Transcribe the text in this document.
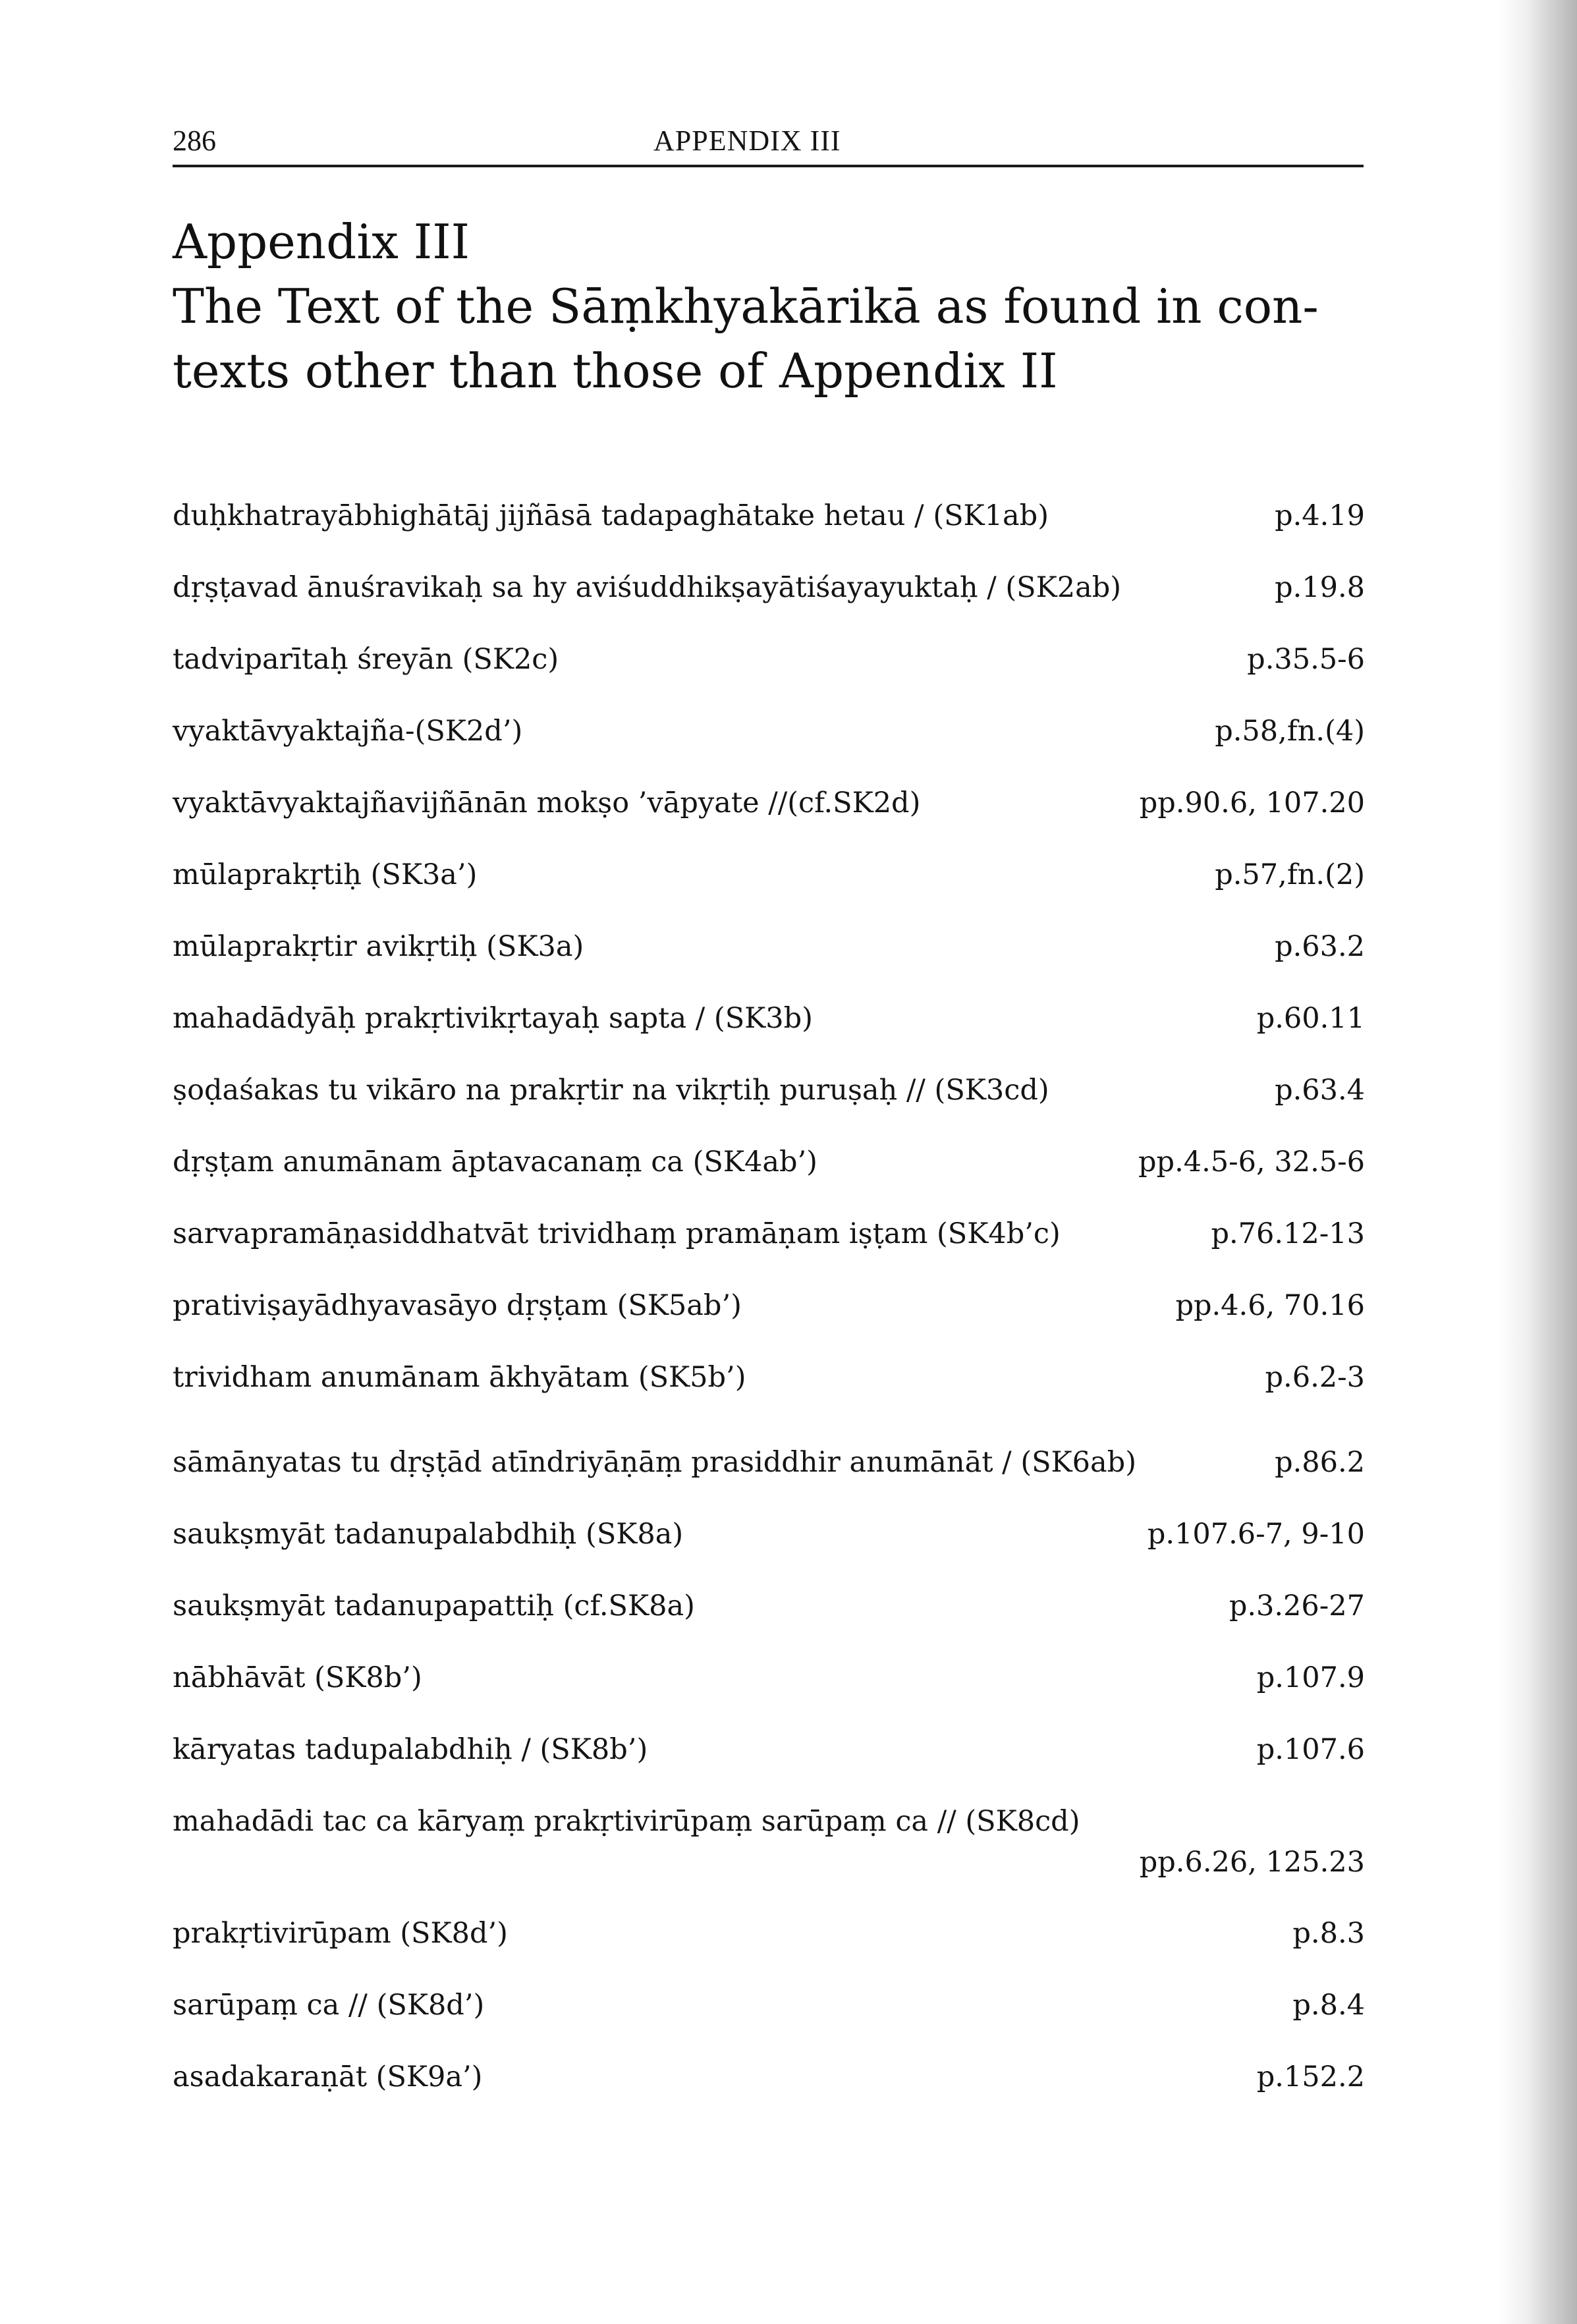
286	APPENDIX III
Appendix III
The Text of the Sāṃkhyakārikā as found in con-
texts other than those of Appendix II
duḥkhatrayābhighātāj jijñāsā tadapaghātake hetau / (SK1ab)	p.4.19
dṛṣṭavad ānuśravikaḥ sa hy aviśuddhikṣayātiśayayuktaḥ / (SK2ab)	p.19.8
tadviparītaḥ śreyān (SK2c)	p.35.5-6
vyaktāvyaktajña-(SK2d’)	p.58,fn.(4)
vyaktāvyaktajñavijñānān mokṣo ’vāpyate //(cf.SK2d)	pp.90.6, 107.20
mūlaprakṛtiḥ (SK3a’)	p.57,fn.(2)
mūlaprakṛtir avikṛtiḥ (SK3a)	p.63.2
mahadādyāḥ prakṛtivikṛtayaḥ sapta / (SK3b)	p.60.11
ṣoḍaśakas tu vikāro na prakṛtir na vikṛtiḥ puruṣaḥ // (SK3cd)	p.63.4
dṛṣṭam anumānam āptavacanaṃ ca (SK4ab’)	pp.4.5-6, 32.5-6
sarvapramāṇasiddhatvāt trividhaṃ pramāṇam iṣṭam (SK4b’c)	p.76.12-13
prativiṣayādhyavasāyo dṛṣṭam (SK5ab’)	pp.4.6, 70.16
trividham anumānam ākhyātam (SK5b’)	p.6.2-3
sāmānyatas tu dṛṣṭād atīndriyāṇāṃ prasiddhir anumānāt / (SK6ab)	p.86.2
saukṣmyāt tadanupalabdhiḥ (SK8a)	p.107.6-7, 9-10
saukṣmyāt tadanupapattiḥ (cf.SK8a)	p.3.26-27
nābhāvāt (SK8b’)	p.107.9
kāryatas tadupalabdhiḥ / (SK8b’)	p.107.6
mahadādi tac ca kāryaṃ prakṛtivirūpaṃ sarūpaṃ ca // (SK8cd)
pp.6.26, 125.23
prakṛtivirūpam (SK8d’)	p.8.3
sarūpaṃ ca // (SK8d’)	p.8.4
asadakaraṇāt (SK9a’)	p.152.2
